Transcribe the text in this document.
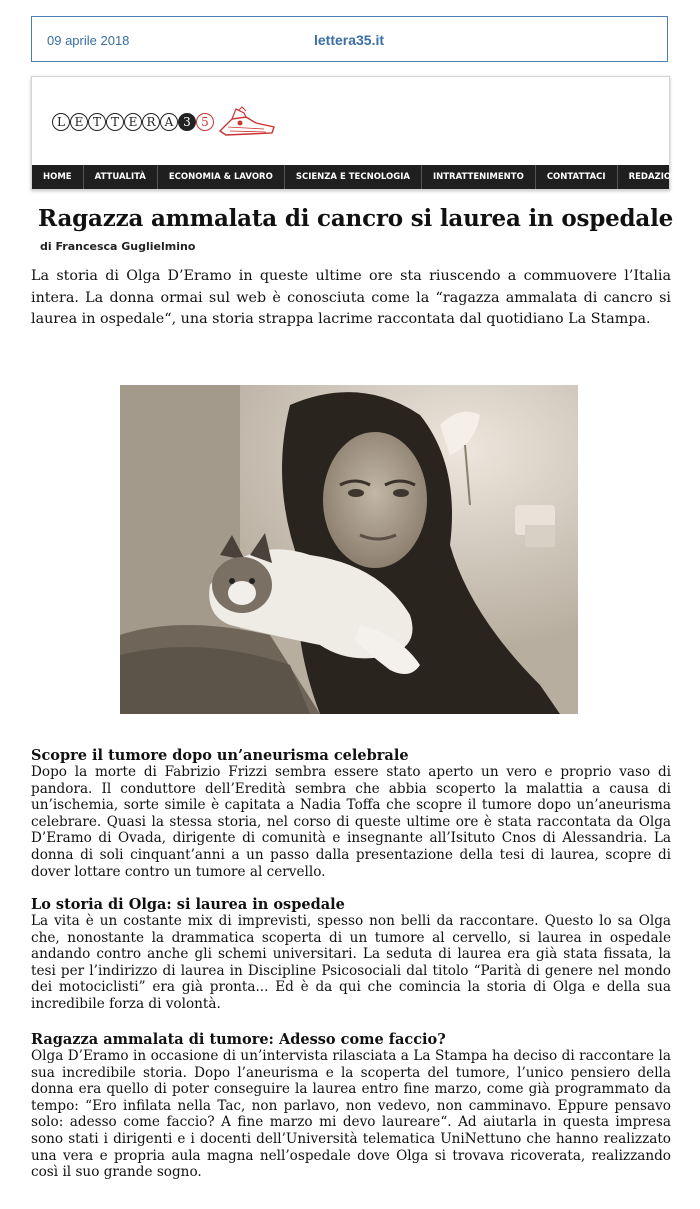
09 aprile 2018	lettera35.it
L E T T E R A 3 5
HOME	ATTUALITÀ	ECONOMIA & LAVORO	SCIENZA E TECNOLOGIA	INTRATTENIMENTO	CONTATTACI	REDAZIONE
Ragazza ammalata di cancro si laurea in ospedale
di Francesca Guglielmino

La storia di Olga D’Eramo in queste ultime ore sta riuscendo a commuovere l’Italia intera. La donna ormai sul web è conosciuta come la “ragazza ammalata di cancro si laurea in ospedale“, una storia strappa lacrime raccontata dal quotidiano La Stampa.

Scopre il tumore dopo un’aneurisma celebrale

Dopo la morte di Fabrizio Frizzi sembra essere stato aperto un vero e proprio vaso di pandora. Il conduttore dell’Eredità sembra che abbia scoperto la malattia a causa di un’ischemia, sorte simile è capitata a Nadia Toffa che scopre il tumore dopo un’aneurisma celebrare. Quasi la stessa storia, nel corso di queste ultime ore è stata raccontata da Olga D’Eramo di Ovada, dirigente di comunità e insegnante all’Isituto Cnos di Alessandria. La donna di soli cinquant’anni a un passo dalla presentazione della tesi di laurea, scopre di dover lottare contro un tumore al cervello.

Lo storia di Olga: si laurea in ospedale

La vita è un costante mix di imprevisti, spesso non belli da raccontare. Questo lo sa Olga che, nonostante la drammatica scoperta di un tumore al cervello, si laurea in ospedale andando contro anche gli schemi universitari. La seduta di laurea era già stata fissata, la tesi per l’indirizzo di laurea in Discipline Psicosociali dal titolo “Parità di genere nel mondo dei motociclisti” era già pronta... Ed è da qui che comincia la storia di Olga e della sua incredibile forza di volontà.

Ragazza ammalata di tumore: Adesso come faccio?

Olga D’Eramo in occasione di un’intervista rilasciata a La Stampa ha deciso di raccontare la sua incredibile storia. Dopo l’aneurisma e la scoperta del tumore, l’unico pensiero della donna era quello di poter conseguire la laurea entro fine marzo, come già programmato da tempo: “Ero infilata nella Tac, non parlavo, non vedevo, non camminavo. Eppure pensavo solo: adesso come faccio? A fine marzo mi devo laureare“. Ad aiutarla in questa impresa sono stati i dirigenti e i docenti dell’Università telematica UniNettuno che hanno realizzato una vera e propria aula magna nell’ospedale dove Olga si trovava ricoverata, realizzando così il suo grande sogno.
